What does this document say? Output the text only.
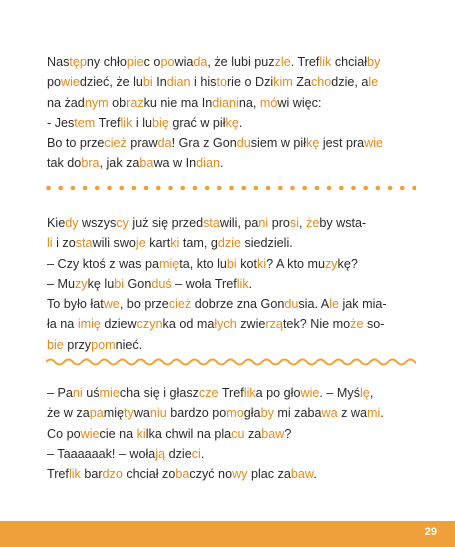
Następny chłopiec opowiada, że lubi puzzle. Treflik chciałby
powiedzieć, że lubi Indian i historie o Dzikim Zachodzie, ale
na żadnym obrazku nie ma Indianina, mówi więc:
- Jestem Treflik i lubię grać w piłkę.
Bo to przecież prawda! Gra z Gondusiem w piłkę jest prawie
tak dobra, jak zabawa w Indian.
Kiedy wszyscy już się przedstawili, pani prosi, żeby wsta-
li i zostawili swoje kartki tam, gdzie siedzieli.
– Czy ktoś z was pamięta, kto lubi kotki? A kto muzykę?
– Muzykę lubi Gonduś – woła Treflik.
To było łatwe, bo przecież dobrze zna Gondusia. Ale jak mia-
ła na imię dziewczynka od małych zwierzątek? Nie może so-
bie przypomnieć.
– Pani uśmiecha się i głaszcze Treflika po głowie. – Myślę,
że w zapamiętywaniu bardzo pomogłaby mi zabawa z wami.
Co powiecie na kilka chwil na placu zabaw?
– Taaaaaak! – wołają dzieci.
Treflik bardzo chciał zobaczyć nowy plac zabaw.
29
